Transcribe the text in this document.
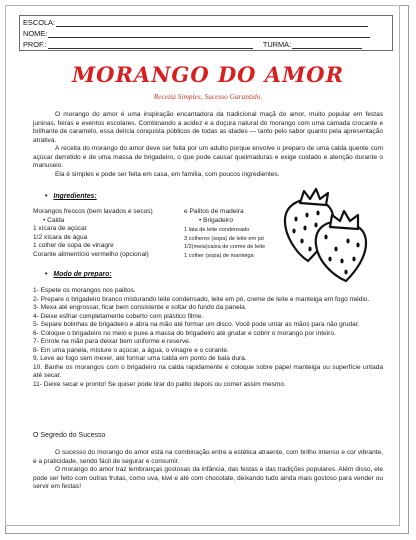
ESCOLA:
NOME:
PROF.:	TURMA:
MORANGO DO AMOR
Receita Simples, Sucesso Garantido.
O morango do amor é uma inspiração encantadora da tradicional maçã do amor, muito popular em festas juninas, feiras e eventos escolares. Combinando a acidez e a doçura natural do morango com uma camada crocante e brilhante de caramelo, essa delícia conquista públicos de todas as idades — tanto pelo sabor quanto pela apresentação atrativa.
A receita do morango do amor deve ser feita por um adulto porque envolve o preparo de uma calda quente com açúcar derretido e de uma massa de brigadeiro, o que pode causar queimaduras e exige cuidado e atenção durante o manuseio.
Ela é simples e pode ser feita em casa, em família, com poucos ingredientes.
• Ingredientes:
Morangos frescos (bem lavados e secos)
• Calda
1 xícara de açúcar
1/2 xícara de água
1 colher de sopa de vinagre
Corante alimentício vermelho (opcional)
e Palitos de madeira
• Brigadeiro
1 lata de leite condensado
3 colheres (sopa) de leite em pó
1/2(meia)caixa de creme de leite
1 colher (sopa) de manteiga
• Modo de preparo:
1- Espete os morangos nos palitos.
2- Prepare o brigadeiro branco misturando leite condensado, leite em pó, creme de leite e manteiga em fogo médio.
3- Mexa até engrossar, ficar bem consistente e soltar do fundo da panela.
4- Deixe esfriar completamente coberto com plástico filme.
5- Separe bolinhas de brigadeiro e abra na mão até formar um disco. Você pode untar as mãos para não grudar.
6- Coloque o brigadeiro no meio e puxe a massa do brigadeiro até grudar e cobrir o morango por inteiro.
7- Enrole na mão para deixar bem uniforme e reserve.
8- Em uma panela, misture o açúcar, a água, o vinagre e o corante.
9. Leve ao fogo sem mexer, até formar uma calda em ponto de bala dura.
10. Banhe os morangos com o brigadeiro na calda rapidamente e coloque sobre papel manteiga ou superfície untada até secar.
11- Deixe secar e pronto! Se quiser pode tirar do palito depois ou comer assim mesmo.
O Segredo do Sucesso
O sucesso do morango do amor está na combinação entre a estética atraente, com brilho intenso e cor vibrante, e a praticidade, sendo fácil de segurar e consumir.
O morango do amor traz lembranças gostosas da infância, das festas e das tradições populares. Além disso, ele pode ser feito com outras frutas, como uva, kiwi e até com chocolate, deixando tudo ainda mais gostoso para vender ou servir em festas!
